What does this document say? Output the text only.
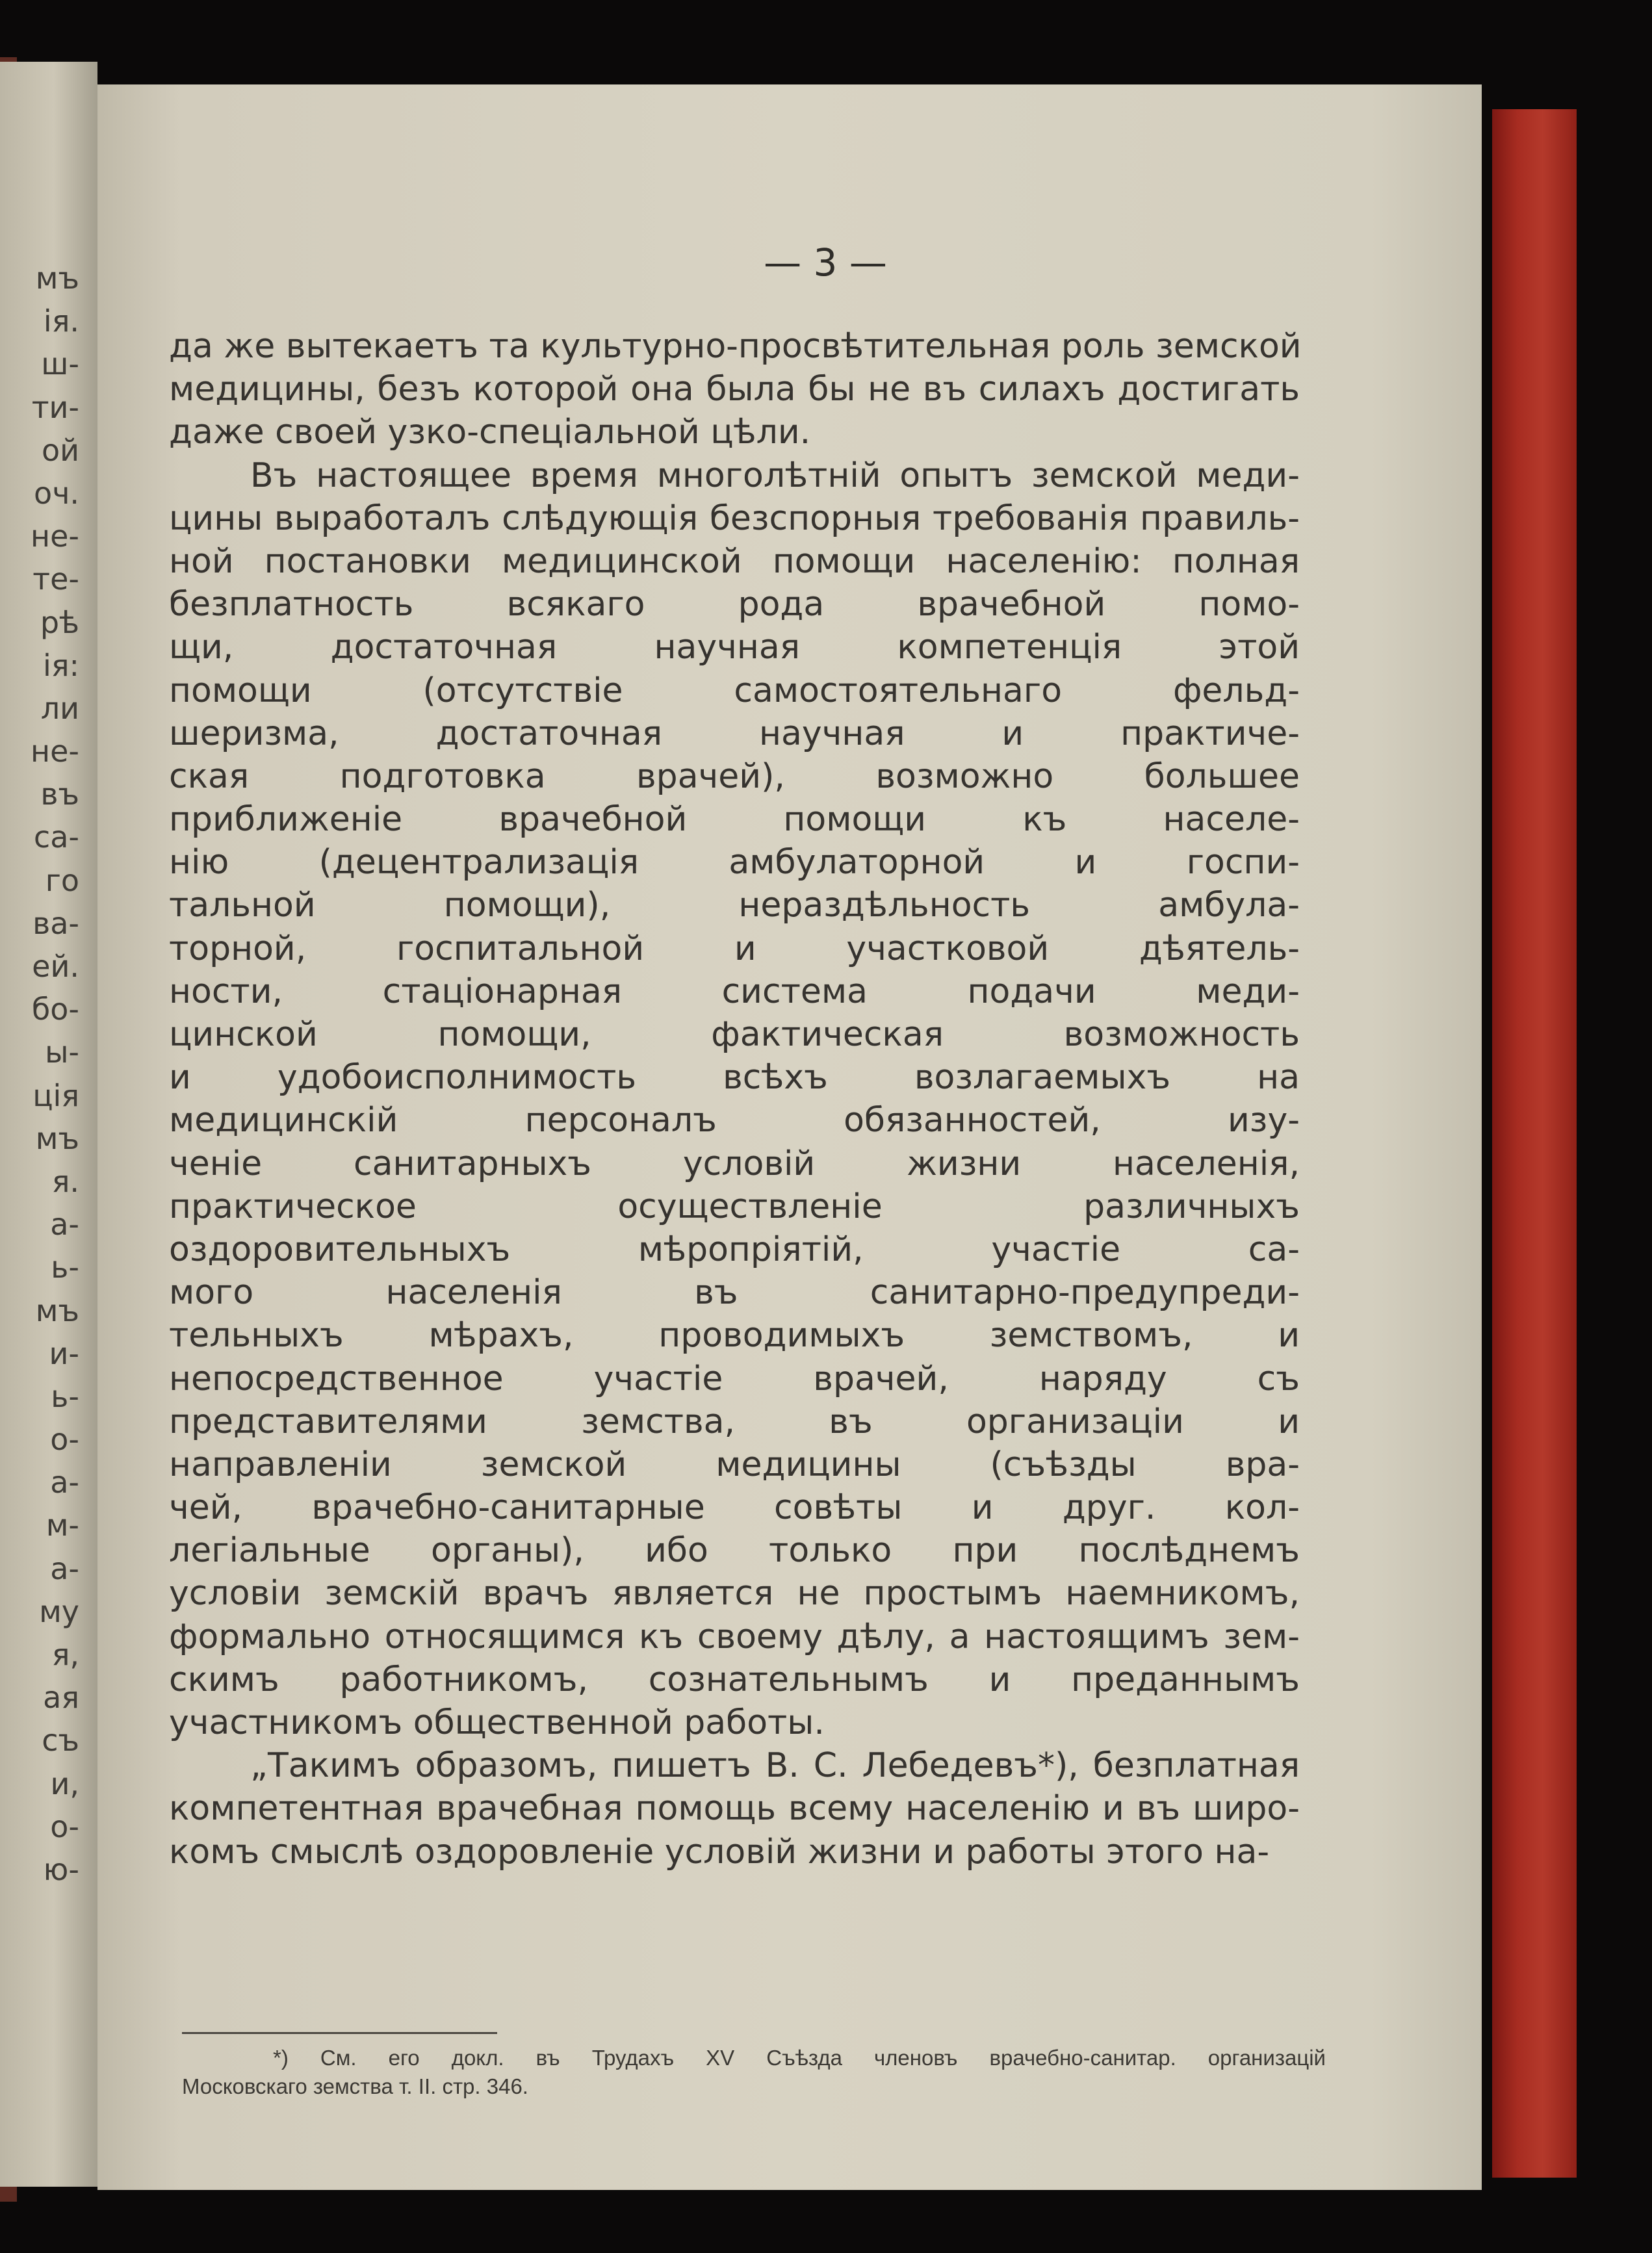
мъ
ія.
ш-
ти-
ой
оч.
не-
те-
рѣ
ія:
ли
не-
въ
са-
го
ва-
ей.
бо-
ы-
ція
мъ
я.
а-
ь-
мъ
и-
ь-
о-
а-
м-
а-
му
я,
ая
съ
и,
о-
ю-
— 3 —
да же вытекаетъ та культурно-просвѣтительная роль земской
медицины, безъ которой она была бы не въ силахъ достигать
даже своей узко-спеціальной цѣли.
Въ настоящее время многолѣтній опытъ земской меди-
цины выработалъ слѣдующія безспорныя требованія правиль-
ной постановки медицинской помощи населенію: полная
безплатность всякаго рода врачебной помо-
щи, достаточная научная компетенція этой
помощи (отсутствіе самостоятельнаго фельд-
шеризма, достаточная научная и практиче-
ская подготовка врачей), возможно большее
приближеніе врачебной помощи къ населе-
нію (децентрализація амбулаторной и госпи-
тальной помощи), нераздѣльность амбула-
торной, госпитальной и участковой дѣятель-
ности, стаціонарная система подачи меди-
цинской помощи, фактическая возможность
и удобоисполнимость всѣхъ возлагаемыхъ на
медицинскій персоналъ обязанностей, изу-
ченіе санитарныхъ условій жизни населенія,
практическое осуществленіе различныхъ
оздоровительныхъ мѣропріятій, участіе са-
мого населенія въ санитарно-предупреди-
тельныхъ мѣрахъ, проводимыхъ земствомъ, и
непосредственное участіе врачей, наряду съ
представителями земства, въ организаціи и
направленіи земской медицины (съѣзды вра-
чей, врачебно-санитарные совѣты и друг. кол-
легіальные органы), ибо только при послѣднемъ
условіи земскій врачъ является не простымъ наемникомъ,
формально относящимся къ своему дѣлу, а настоящимъ зем-
скимъ работникомъ, сознательнымъ и преданнымъ
участникомъ общественной работы.
„Такимъ образомъ, пишетъ В. С. Лебедевъ*), безплатная
компетентная врачебная помощь всему населенію и въ широ-
комъ смыслѣ оздоровленіе условій жизни и работы этого на-
*) См. его докл. въ Трудахъ XV Съѣзда членовъ врачебно-санитар. организацій
Московскаго земства т. II. стр. 346.
